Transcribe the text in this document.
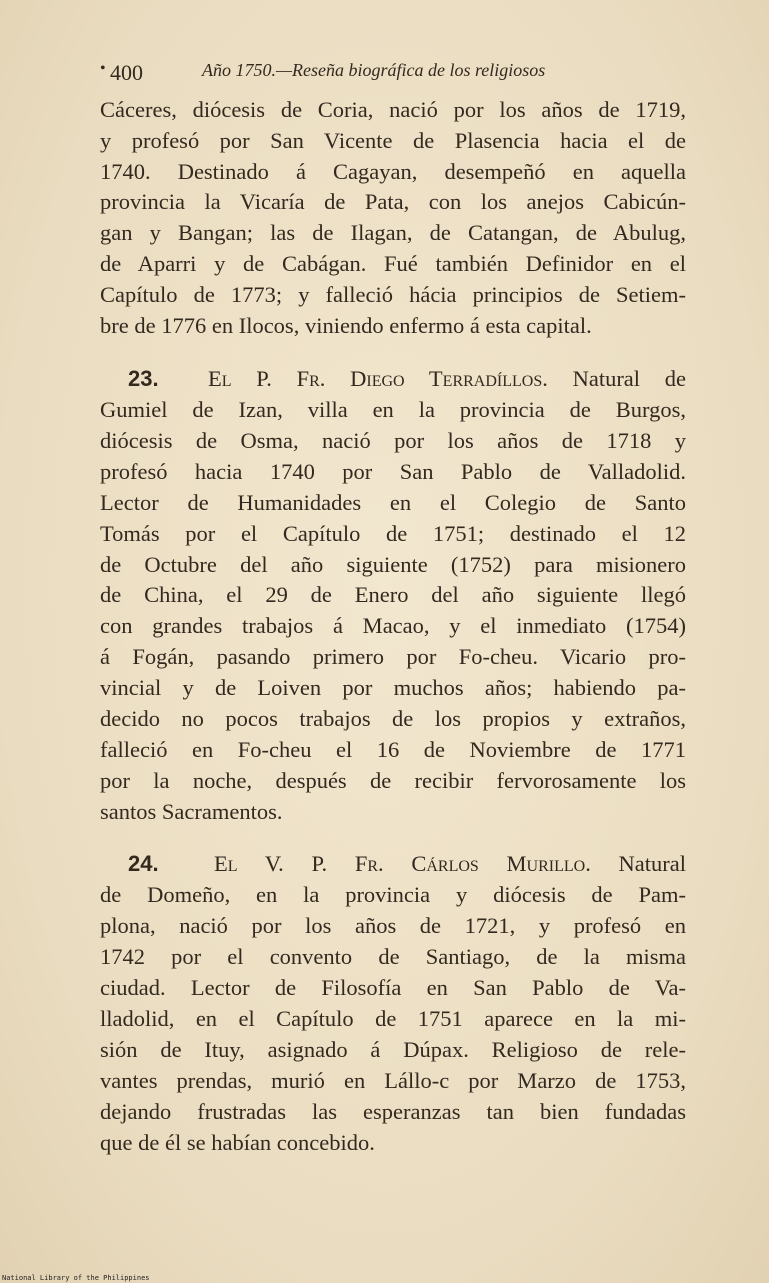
• 400	Año 1750.—Reseña biográfica de los religiosos
Cáceres, diócesis de Coria, nació por los años de 1719,
y profesó por San Vicente de Plasencia hacia el de
1740. Destinado á Cagayan, desempeñó en aquella
provincia la Vicaría de Pata, con los anejos Cabicún-
gan y Bangan; las de Ilagan, de Catangan, de Abulug,
de Aparri y de Cabágan. Fué también Definidor en el
Capítulo de 1773; y falleció hácia principios de Setiem-
bre de 1776 en Ilocos, viniendo enfermo á esta capital.
23. El P. Fr. Diego Terradíllos. Natural de
Gumiel de Izan, villa en la provincia de Burgos,
diócesis de Osma, nació por los años de 1718 y
profesó hacia 1740 por San Pablo de Valladolid.
Lector de Humanidades en el Colegio de Santo
Tomás por el Capítulo de 1751; destinado el 12
de Octubre del año siguiente (1752) para misionero
de China, el 29 de Enero del año siguiente llegó
con grandes trabajos á Macao, y el inmediato (1754)
á Fogán, pasando primero por Fo-cheu. Vicario pro-
vincial y de Loiven por muchos años; habiendo pa-
decido no pocos trabajos de los propios y extraños,
falleció en Fo-cheu el 16 de Noviembre de 1771
por la noche, después de recibir fervorosamente los
santos Sacramentos.
24. El V. P. Fr. Cárlos Murillo. Natural
de Domeño, en la provincia y diócesis de Pam-
plona, nació por los años de 1721, y profesó en
1742 por el convento de Santiago, de la misma
ciudad. Lector de Filosofía en San Pablo de Va-
lladolid, en el Capítulo de 1751 aparece en la mi-
sión de Ituy, asignado á Dúpax. Religioso de rele-
vantes prendas, murió en Lállo-c por Marzo de 1753,
dejando frustradas las esperanzas tan bien fundadas
que de él se habían concebido.
National Library of the Philippines
